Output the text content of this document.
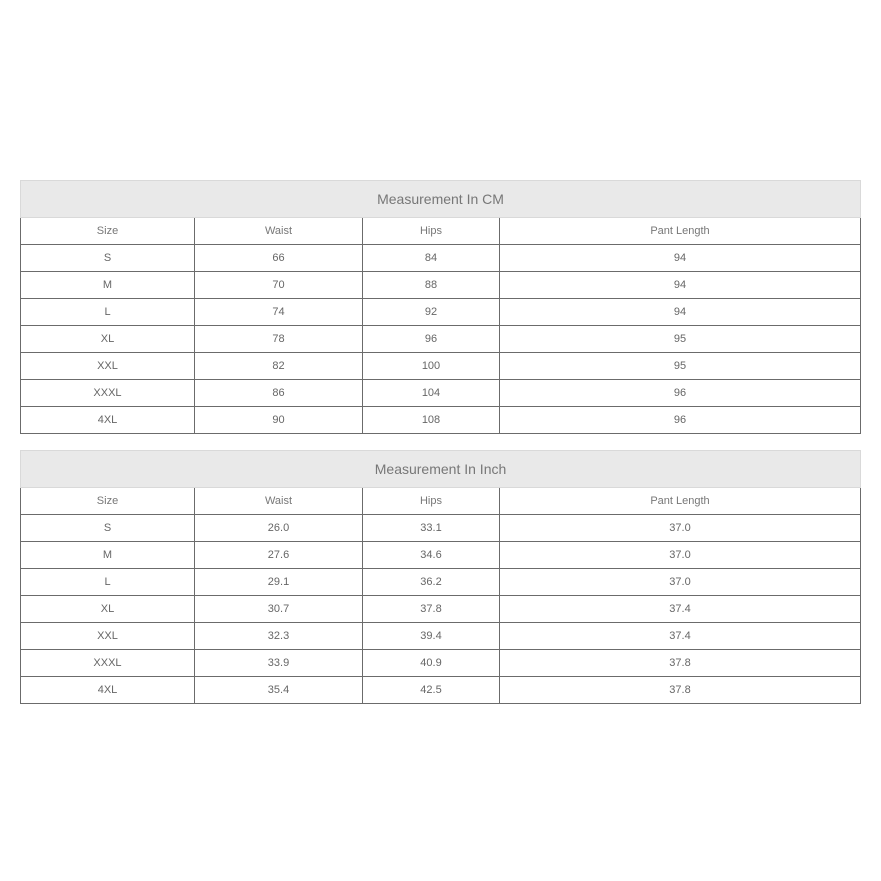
Measurement In CM			
Size	Waist	Hips	Pant Length
S	66	84	94
M	70	88	94
L	74	92	94
XL	78	96	95
XXL	82	100	95
XXXL	86	104	96
4XL	90	108	96
Measurement In Inch			
Size	Waist	Hips	Pant Length
S	26.0	33.1	37.0
M	27.6	34.6	37.0
L	29.1	36.2	37.0
XL	30.7	37.8	37.4
XXL	32.3	39.4	37.4
XXXL	33.9	40.9	37.8
4XL	35.4	42.5	37.8
